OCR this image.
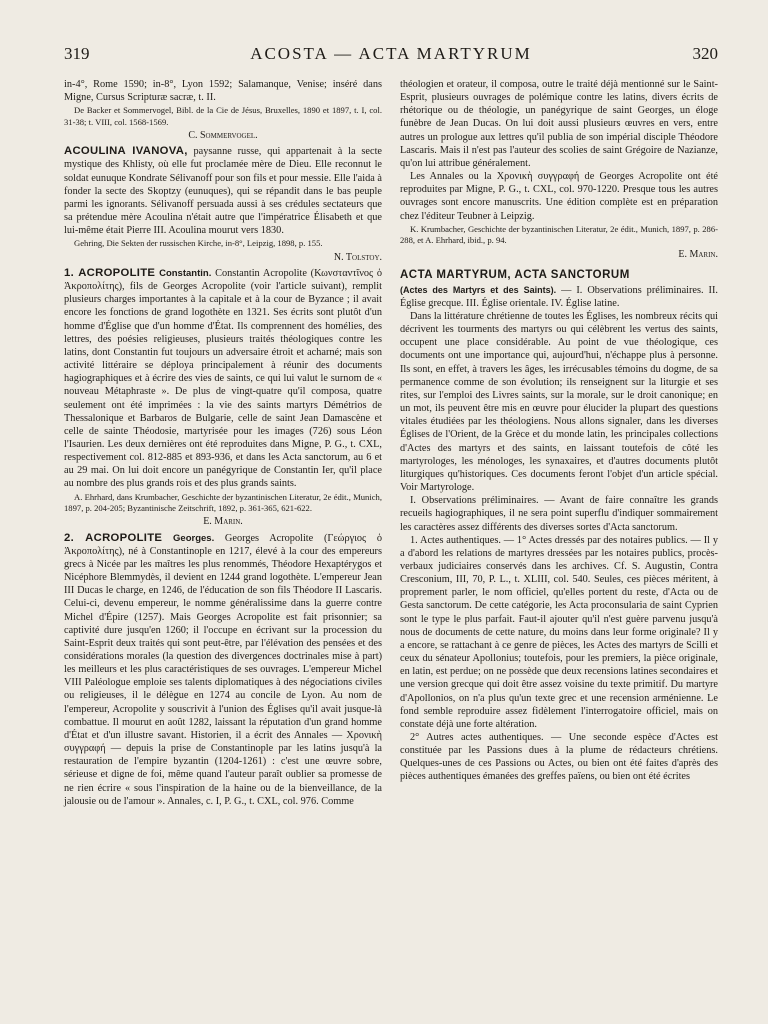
319	ACOSTA — ACTA MARTYRUM	320

in-4°, Rome 1590; in-8°, Lyon 1592; Salamanque, Venise; inséré dans Migne, Cursus Scripturæ sacræ, t. II.

De Backer et Sommervogel, Bibl. de la Cie de Jésus, Bruxelles, 1890 et 1897, t. I, col. 31-38; t. VIII, col. 1568-1569.

C. Sommervogel.

ACOULINA IVANOVA, paysanne russe, qui appartenait à la secte mystique des Khlisty, où elle fut proclamée mère de Dieu. Elle reconnut le soldat eunuque Kondrate Sélivanoff pour son fils et pour messie. Elle l'aida à fonder la secte des Skoptzy (eunuques), qui se répandit dans le bas peuple parmi les ignorants. Sélivanoff persuada aussi à ses crédules sectateurs que sa prétendue mère Acoulina n'était autre que l'impératrice Élisabeth et que lui-même était Pierre III. Acoulina mourut vers 1830.

Gehring, Die Sekten der russischen Kirche, in-8°, Leipzig, 1898, p. 155.

N. Tolstoy.

1. ACROPOLITE Constantin. Constantin Acropolite (Κωνσταντῖνος ὁ Ἀκροπολίτης), fils de Georges Acropolite (voir l'article suivant), remplit plusieurs charges importantes à la capitale et à la cour de Byzance ; il avait encore les fonctions de grand logothète en 1321. Ses écrits sont plutôt d'un homme d'Église que d'un homme d'État. Ils comprennent des homélies, des lettres, des poésies religieuses, plusieurs traités théologiques contre les latins, dont Constantin fut toujours un adversaire étroit et acharné; mais son activité littéraire se déploya principalement à réunir des documents hagiographiques et à écrire des vies de saints, ce qui lui valut le surnom de « nouveau Métaphraste ». De plus de vingt-quatre qu'il composa, quatre seulement ont été imprimées : la vie des saints martyrs Démétrios de Thessalonique et Barbaros de Bulgarie, celle de saint Jean Damascène et celle de sainte Théodosie, martyrisée pour les images (726) sous Léon l'Isaurien. Les deux dernières ont été reproduites dans Migne, P. G., t. CXL, respectivement col. 812-885 et 893-936, et dans les Acta sanctorum, au 6 et au 29 mai. On lui doit encore un panégyrique de Constantin Ier, qu'il place au nombre des plus grands rois et des plus grands saints.

A. Ehrhard, dans Krumbacher, Geschichte der byzantinischen Literatur, 2e édit., Munich, 1897, p. 204-205; Byzantinische Zeitschrift, 1892, p. 361-365, 621-622.

E. Marin.

2. ACROPOLITE Georges. Georges Acropolite (Γεώργιος ὁ Ἀκροπολίτης), né à Constantinople en 1217, élevé à la cour des empereurs grecs à Nicée par les maîtres les plus renommés, Théodore Hexaptérygos et Nicéphore Blemmydès, il devient en 1244 grand logothète. L'empereur Jean III Ducas le charge, en 1246, de l'éducation de son fils Théodore II Lascaris. Celui-ci, devenu empereur, le nomme généralissime dans la guerre contre Michel d'Épire (1257). Mais Georges Acropolite est fait prisonnier; sa captivité dure jusqu'en 1260; il l'occupe en écrivant sur la procession du Saint-Esprit deux traités qui sont peut-être, par l'élévation des pensées et des considérations morales (la question des divergences doctrinales mise à part) les meilleurs et les plus caractéristiques de ses ouvrages. L'empereur Michel VIII Paléologue emploie ses talents diplomatiques à des négociations civiles ou religieuses, il le délègue en 1274 au concile de Lyon. Au nom de l'empereur, Acropolite y souscrivit à l'union des Églises qu'il avait jusque-là combattue. Il mourut en août 1282, laissant la réputation d'un grand homme d'État et d'un illustre savant. Historien, il a écrit des Annales — Χρονικὴ συγγραφή — depuis la prise de Constantinople par les latins jusqu'à la restauration de l'empire byzantin (1204-1261) : c'est une œuvre sobre, sérieuse et digne de foi, même quand l'auteur paraît oublier sa promesse de ne rien écrire « sous l'inspiration de la haine ou de la bienveillance, de la jalousie ou de l'amour ». Annales, c. I, P. G., t. CXL, col. 976. Comme

théologien et orateur, il composa, outre le traité déjà mentionné sur le Saint-Esprit, plusieurs ouvrages de polémique contre les latins, divers écrits de rhétorique ou de théologie, un panégyrique de saint Georges, un éloge funèbre de Jean Ducas. On lui doit aussi plusieurs œuvres en vers, entre autres un prologue aux lettres qu'il publia de son impérial disciple Théodore Lascaris. Mais il n'est pas l'auteur des scolies de saint Grégoire de Nazianze, qu'on lui attribue généralement.

Les Annales ou la Χρονικὴ συγγραφή de Georges Acropolite ont été reproduites par Migne, P. G., t. CXL, col. 970-1220. Presque tous les autres ouvrages sont encore manuscrits. Une édition complète est en préparation chez l'éditeur Teubner à Leipzig.

K. Krumbacher, Geschichte der byzantinischen Literatur, 2e édit., Munich, 1897, p. 286-288, et A. Ehrhard, ibid., p. 94.

E. Marin.

ACTA MARTYRUM, ACTA SANCTORUM

(Actes des Martyrs et des Saints). — I. Observations préliminaires. II. Église grecque. III. Église orientale. IV. Église latine.

Dans la littérature chrétienne de toutes les Églises, les nombreux récits qui décrivent les tourments des martyrs ou qui célèbrent les vertus des saints, occupent une place considérable. Au point de vue théologique, ces documents ont une importance qui, aujourd'hui, n'échappe plus à personne. Ils sont, en effet, à travers les âges, les irrécusables témoins du dogme, de sa permanence comme de son évolution; ils renseignent sur la liturgie et ses rites, sur l'emploi des Livres saints, sur la morale, sur le droit canonique; en un mot, ils peuvent être mis en œuvre pour élucider la plupart des questions vitales étudiées par les théologiens. Nous allons signaler, dans les diverses Églises de l'Orient, de la Grèce et du monde latin, les principales collections d'Actes des martyrs et des saints, en laissant toutefois de côté les martyrologes, les ménologes, les synaxaires, et d'autres documents plutôt liturgiques qu'historiques. Ces documents feront l'objet d'un article spécial. Voir Martyrologe.

I. Observations préliminaires. — Avant de faire connaître les grands recueils hagiographiques, il ne sera point superflu d'indiquer sommairement les caractères assez différents des diverses sortes d'Acta sanctorum.

1. Actes authentiques. — 1° Actes dressés par des notaires publics. — Il y a d'abord les relations de martyres dressées par les notaires publics, procès-verbaux judiciaires conservés dans les archives. Cf. S. Augustin, Contra Cresconium, III, 70, P. L., t. XLIII, col. 540. Seules, ces pièces méritent, à proprement parler, le nom officiel, qu'elles portent du reste, d'Acta ou de Gesta sanctorum. De cette catégorie, les Acta proconsularia de saint Cyprien sont le type le plus parfait. Faut-il ajouter qu'il n'est guère parvenu jusqu'à nous de documents de cette nature, du moins dans leur forme originale? Il y a encore, se rattachant à ce genre de pièces, les Actes des martyrs de Scilli et ceux du sénateur Apollonius; toutefois, pour les premiers, la pièce originale, en latin, est perdue; on ne possède que deux recensions latines secondaires et une version grecque qui doit être assez voisine du texte primitif. Du martyre d'Apollonios, on n'a plus qu'un texte grec et une recension arménienne. Le fond semble reproduire assez fidèlement l'interrogatoire officiel, mais on constate déjà une forte altération.

2° Autres actes authentiques. — Une seconde espèce d'Actes est constituée par les Passions dues à la plume de rédacteurs chrétiens. Quelques-unes de ces Passions ou Actes, ou bien ont été faites d'après des pièces authentiques émanées des greffes païens, ou bien ont été écrites
